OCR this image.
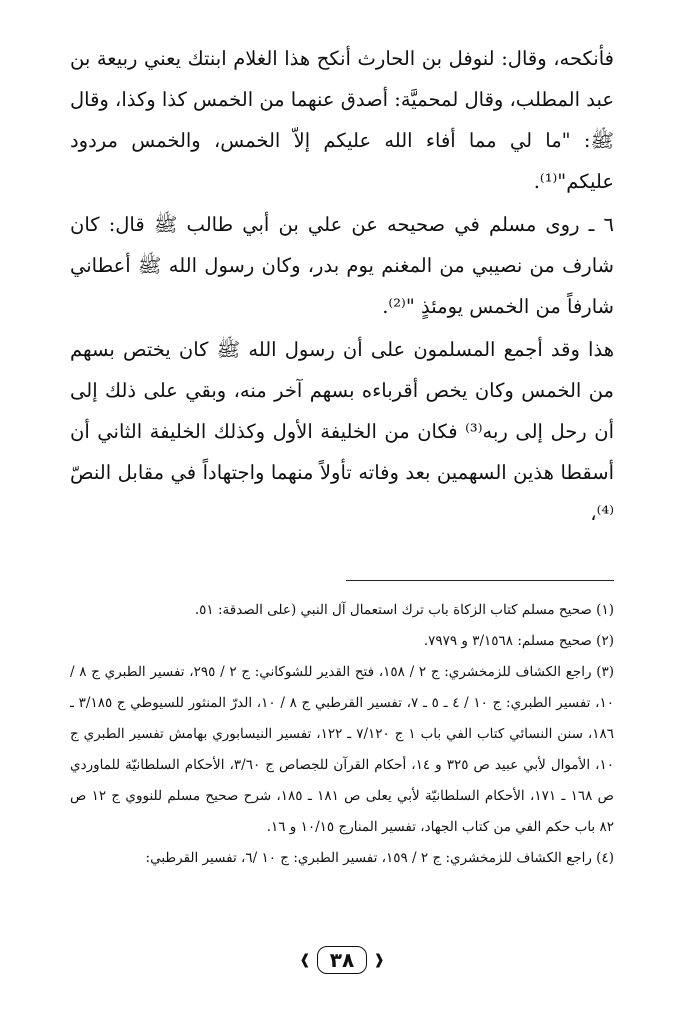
فأنكحه، وقال: لنوفل بن الحارث أنكح هذا الغلام ابنتك يعني ربيعة بن عبد المطلب، وقال لمحميَّة: أصدق عنهما من الخمس كذا وكذا، وقال ﷺ: "ما لي مما أفاء الله عليكم إلاّ الخمس، والخمس مردود عليكم"⁽¹⁾.

٦ ـ روى مسلم في صحيحه عن علي بن أبي طالب ﷺ قال: كان شارف من نصيبي من المغنم يوم بدر، وكان رسول الله ﷺ أعطاني شارفاً من الخمس يومئذٍ "⁽²⁾.

هذا وقد أجمع المسلمون على أن رسول الله ﷺ كان يختص بسهم من الخمس وكان يخص أقرباءه بسهم آخر منه، وبقي على ذلك إلى أن رحل إلى ربه⁽³⁾ فكان من الخليفة الأول وكذلك الخليفة الثاني أن أسقطا هذين السهمين بعد وفاته تأولاً منهما واجتهاداً في مقابل النصّ ⁽⁴⁾،

(١) صحيح مسلم كتاب الزكاة باب ترك استعمال آل النبي (على الصدقة: ٥١.

(٢) صحيح مسلم: ٣/١٥٦٨ و ٧٩٧٩.

(٣) راجع الكشاف للزمخشري: ج ٢ / ١٥٨، فتح القدير للشوكاني: ج ٢ / ٢٩٥، تفسير الطبري ج ٨ / ١٠، تفسير الطبري: ج ١٠ / ٤ ـ ٥ ـ ٧، تفسير القرطبي ج ٨ / ١٠، الدرّ المنثور للسيوطي ج ٣/١٨٥ ـ ١٨٦، سنن النسائي كتاب الفي باب ١ ج ٧/١٢٠ ـ ١٢٢، تفسير النيسابوري بهامش تفسير الطبري ج ١٠، الأموال لأبي عبيد ص ٣٢٥ و ١٤، أحكام القرآن للجصاص ج ٣/٦٠، الأحكام السلطانيّة للماوردي ص ١٦٨ ـ ١٧١، الأحكام السلطانيّة لأبي يعلى ص ١٨١ ـ ١٨٥، شرح صحيح مسلم للنووي ج ١٢ ص ٨٢ باب حكم الفي من كتاب الجهاد، تفسير المنارج ١٠/١٥ و ١٦.

(٤) راجع الكشاف للزمخشري: ج ٢ / ١٥٩، تفسير الطبري: ج ١٠ /٦، تفسير القرطبي:

❰
٣٨
❱
